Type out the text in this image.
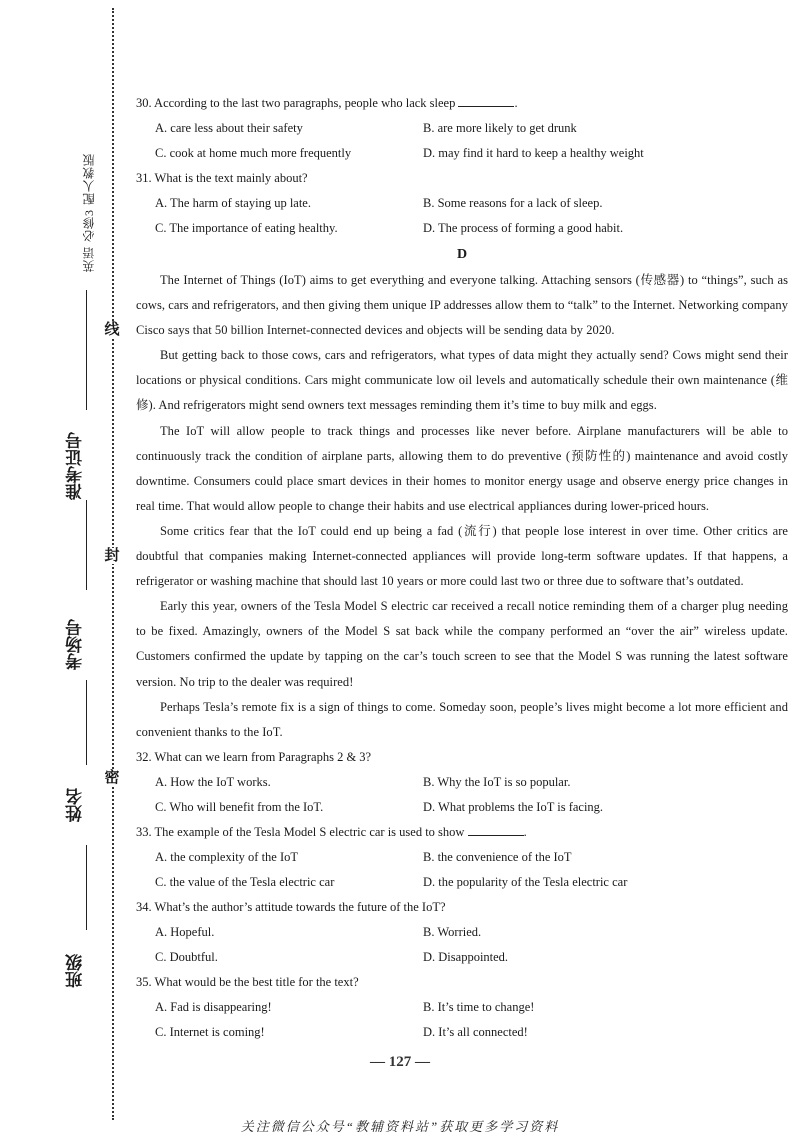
线
封
密
英语 必修3 配人教版
准考证号
考场号
姓名
班级
30. According to the last two paragraphs, people who lack sleep	.
A. care less about their safety	B. are more likely to get drunk
C. cook at home much more frequently	D. may find it hard to keep a healthy weight
31. What is the text mainly about?
A. The harm of staying up late.	B. Some reasons for a lack of sleep.
C. The importance of eating healthy.	D. The process of forming a good habit.
D

The Internet of Things (IoT) aims to get everything and everyone talking. Attaching sensors (传感器) to “things”, such as cows, cars and refrigerators, and then giving them unique IP addresses allow them to “talk” to the Internet. Networking company Cisco says that 50 billion Internet-connected devices and objects will be sending data by 2020.

But getting back to those cows, cars and refrigerators, what types of data might they actually send? Cows might send their locations or physical conditions. Cars might communicate low oil levels and automatically schedule their own maintenance (维修). And refrigerators might send owners text messages reminding them it’s time to buy milk and eggs.

The IoT will allow people to track things and processes like never before. Airplane manufacturers will be able to continuously track the condition of airplane parts, allowing them to do preventive (预防性的) maintenance and avoid costly downtime. Consumers could place smart devices in their homes to monitor energy usage and observe energy price changes in real time. That would allow people to change their habits and use electrical appliances during lower-priced hours.

Some critics fear that the IoT could end up being a fad (流行) that people lose interest in over time. Other critics are doubtful that companies making Internet-connected appliances will provide long-term software updates. If that happens, a refrigerator or washing machine that should last 10 years or more could last two or three due to software that’s outdated.

Early this year, owners of the Tesla Model S electric car received a recall notice reminding them of a charger plug needing to be fixed. Amazingly, owners of the Model S sat back while the company performed an “over the air” wireless update. Customers confirmed the update by tapping on the car’s touch screen to see that the Model S was running the latest software version. No trip to the dealer was required!

Perhaps Tesla’s remote fix is a sign of things to come. Someday soon, people’s lives might become a lot more efficient and convenient thanks to the IoT.

32. What can we learn from Paragraphs 2 & 3?
A. How the IoT works.	B. Why the IoT is so popular.
C. Who will benefit from the IoT.	D. What problems the IoT is facing.
33. The example of the Tesla Model S electric car is used to show	.
A. the complexity of the IoT	B. the convenience of the IoT
C. the value of the Tesla electric car	D. the popularity of the Tesla electric car
34. What’s the author’s attitude towards the future of the IoT?
A. Hopeful.	B. Worried.
C. Doubtful.	D. Disappointed.
35. What would be the best title for the text?
A. Fad is disappearing!	B. It’s time to change!
C. Internet is coming!	D. It’s all connected!
— 127 —
关注微信公众号“教辅资料站”获取更多学习资料
